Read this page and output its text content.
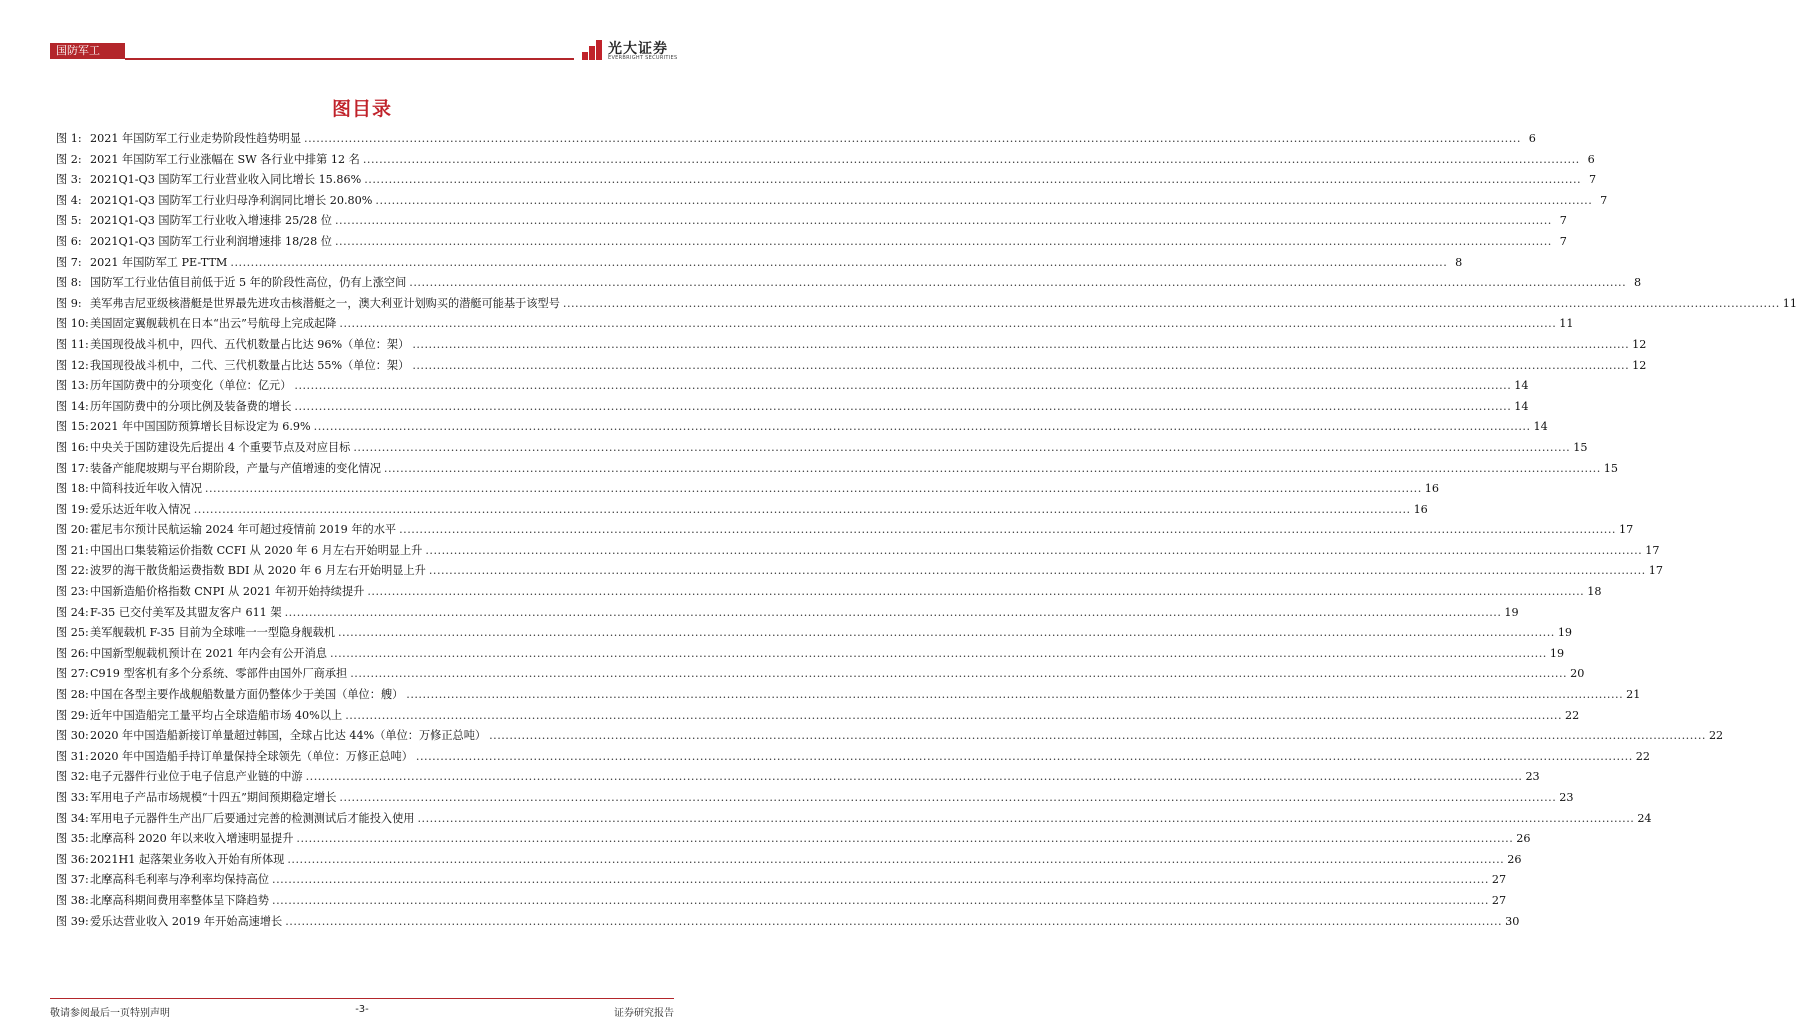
国防军工	光大证券
EVERBRIGHT SECURITIES
图目录
图 1: 2021 年国防军工行业走势阶段性趋势明显 ............................................................................................................................................................................................................................................................................................................ 6
图 2: 2021 年国防军工行业涨幅在 SW 各行业中排第 12 名 ............................................................................................................................................................................................................................................................................................................ 6
图 3: 2021Q1-Q3 国防军工行业营业收入同比增长 15.86% ............................................................................................................................................................................................................................................................................................................ 7
图 4: 2021Q1-Q3 国防军工行业归母净利润同比增长 20.80% ............................................................................................................................................................................................................................................................................................................ 7
图 5: 2021Q1-Q3 国防军工行业收入增速排 25/28 位 ............................................................................................................................................................................................................................................................................................................ 7
图 6: 2021Q1-Q3 国防军工行业利润增速排 18/28 位 ............................................................................................................................................................................................................................................................................................................ 7
图 7: 2021 年国防军工 PE-TTM ............................................................................................................................................................................................................................................................................................................ 8
图 8: 国防军工行业估值目前低于近 5 年的阶段性高位，仍有上涨空间 ............................................................................................................................................................................................................................................................................................................ 8
图 9: 美军弗吉尼亚级核潜艇是世界最先进攻击核潜艇之一，澳大利亚计划购买的潜艇可能基于该型号 ............................................................................................................................................................................................................................................................................................................ 11
图 10: 美国固定翼舰载机在日本“出云”号航母上完成起降 ............................................................................................................................................................................................................................................................................................................ 11
图 11: 美国现役战斗机中，四代、五代机数量占比达 96%（单位：架） ............................................................................................................................................................................................................................................................................................................ 12
图 12: 我国现役战斗机中，二代、三代机数量占比达 55%（单位：架） ............................................................................................................................................................................................................................................................................................................ 12
图 13: 历年国防费中的分项变化（单位：亿元） ............................................................................................................................................................................................................................................................................................................ 14
图 14: 历年国防费中的分项比例及装备费的增长 ............................................................................................................................................................................................................................................................................................................ 14
图 15: 2021 年中国国防预算增长目标设定为 6.9% ............................................................................................................................................................................................................................................................................................................ 14
图 16: 中央关于国防建设先后提出 4 个重要节点及对应目标 ............................................................................................................................................................................................................................................................................................................ 15
图 17: 装备产能爬坡期与平台期阶段，产量与产值增速的变化情况 ............................................................................................................................................................................................................................................................................................................ 15
图 18: 中简科技近年收入情况 ............................................................................................................................................................................................................................................................................................................ 16
图 19: 爱乐达近年收入情况 ............................................................................................................................................................................................................................................................................................................ 16
图 20: 霍尼韦尔预计民航运输 2024 年可超过疫情前 2019 年的水平 ............................................................................................................................................................................................................................................................................................................ 17
图 21: 中国出口集装箱运价指数 CCFI 从 2020 年 6 月左右开始明显上升 ............................................................................................................................................................................................................................................................................................................ 17
图 22: 波罗的海干散货船运费指数 BDI 从 2020 年 6 月左右开始明显上升 ............................................................................................................................................................................................................................................................................................................ 17
图 23: 中国新造船价格指数 CNPI 从 2021 年初开始持续提升 ............................................................................................................................................................................................................................................................................................................ 18
图 24: F-35 已交付美军及其盟友客户 611 架 ............................................................................................................................................................................................................................................................................................................ 19
图 25: 美军舰载机 F-35 目前为全球唯一一型隐身舰载机 ............................................................................................................................................................................................................................................................................................................ 19
图 26: 中国新型舰载机预计在 2021 年内会有公开消息 ............................................................................................................................................................................................................................................................................................................ 19
图 27: C919 型客机有多个分系统、零部件由国外厂商承担 ............................................................................................................................................................................................................................................................................................................ 20
图 28: 中国在各型主要作战舰船数量方面仍整体少于美国（单位：艘） ............................................................................................................................................................................................................................................................................................................ 21
图 29: 近年中国造船完工量平均占全球造船市场 40%以上 ............................................................................................................................................................................................................................................................................................................ 22
图 30: 2020 年中国造船新接订单量超过韩国，全球占比达 44%（单位：万修正总吨） ............................................................................................................................................................................................................................................................................................................ 22
图 31: 2020 年中国造船手持订单量保持全球领先（单位：万修正总吨） ............................................................................................................................................................................................................................................................................................................ 22
图 32: 电子元器件行业位于电子信息产业链的中游 ............................................................................................................................................................................................................................................................................................................ 23
图 33: 军用电子产品市场规模“十四五”期间预期稳定增长 ............................................................................................................................................................................................................................................................................................................ 23
图 34: 军用电子元器件生产出厂后要通过完善的检测测试后才能投入使用 ............................................................................................................................................................................................................................................................................................................ 24
图 35: 北摩高科 2020 年以来收入增速明显提升 ............................................................................................................................................................................................................................................................................................................ 26
图 36: 2021H1 起落架业务收入开始有所体现 ............................................................................................................................................................................................................................................................................................................ 26
图 37: 北摩高科毛利率与净利率均保持高位 ............................................................................................................................................................................................................................................................................................................ 27
图 38: 北摩高科期间费用率整体呈下降趋势 ............................................................................................................................................................................................................................................................................................................ 27
图 39: 爱乐达营业收入 2019 年开始高速增长 ............................................................................................................................................................................................................................................................................................................ 30
敬请参阅最后一页特别声明	-3-	证券研究报告
